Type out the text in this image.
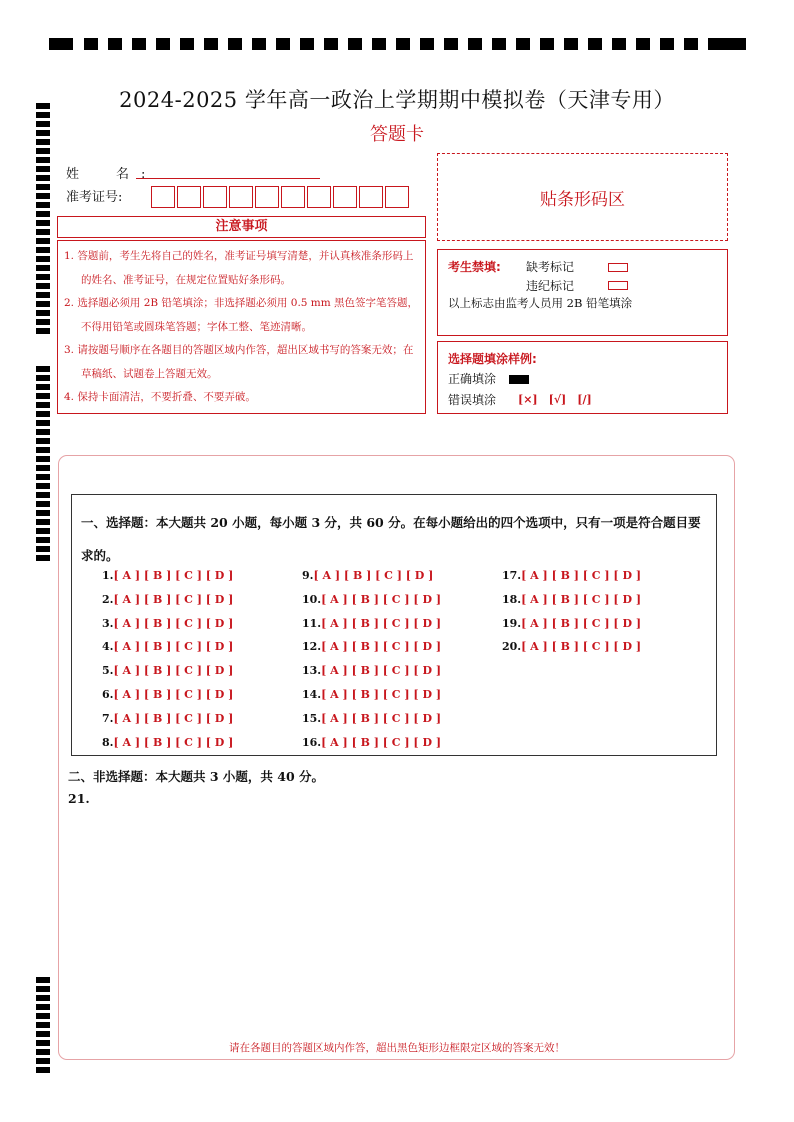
2024-2025 学年高一政治上学期期中模拟卷（天津专用）
答题卡
姓　名:
准考证号:	贴条形码区
注意事项
1. 答题前，考生先将自己的姓名，准考证号填写清楚，并认真核准条形码上的姓名、准考证号，在规定位置贴好条形码。
2. 选择题必须用 2B 铅笔填涂；非选择题必须用 0.5 mm 黑色签字笔答题，不得用铅笔或圆珠笔答题；字体工整、笔迹清晰。
3. 请按题号顺序在各题目的答题区域内作答，超出区域书写的答案无效；在草稿纸、试题卷上答题无效。
4. 保持卡面清洁，不要折叠、不要弄破。
考生禁填: 缺考标记
违纪标记
以上标志由监考人员用 2B 铅笔填涂
选择题填涂样例:
正确填涂
错误填涂 [×]　[√]　[/]
一、选择题：本大题共 20 小题，每小题 3 分，共 60 分。在每小题给出的四个选项中，只有一项是符合题目要求的。
1.[ A ] [ B ] [ C ] [ D ]
2.[ A ] [ B ] [ C ] [ D ]
3.[ A ] [ B ] [ C ] [ D ]
4.[ A ] [ B ] [ C ] [ D ]
5.[ A ] [ B ] [ C ] [ D ]
6.[ A ] [ B ] [ C ] [ D ]
7.[ A ] [ B ] [ C ] [ D ]
8.[ A ] [ B ] [ C ] [ D ]
9.[ A ] [ B ] [ C ] [ D ]
10.[ A ] [ B ] [ C ] [ D ]
11.[ A ] [ B ] [ C ] [ D ]
12.[ A ] [ B ] [ C ] [ D ]
13.[ A ] [ B ] [ C ] [ D ]
14.[ A ] [ B ] [ C ] [ D ]
15.[ A ] [ B ] [ C ] [ D ]
16.[ A ] [ B ] [ C ] [ D ]
17.[ A ] [ B ] [ C ] [ D ]
18.[ A ] [ B ] [ C ] [ D ]
19.[ A ] [ B ] [ C ] [ D ]
20.[ A ] [ B ] [ C ] [ D ]
二、非选择题：本大题共 3 小题，共 40 分。
21.
请在各题目的答题区域内作答，超出黑色矩形边框限定区域的答案无效！
